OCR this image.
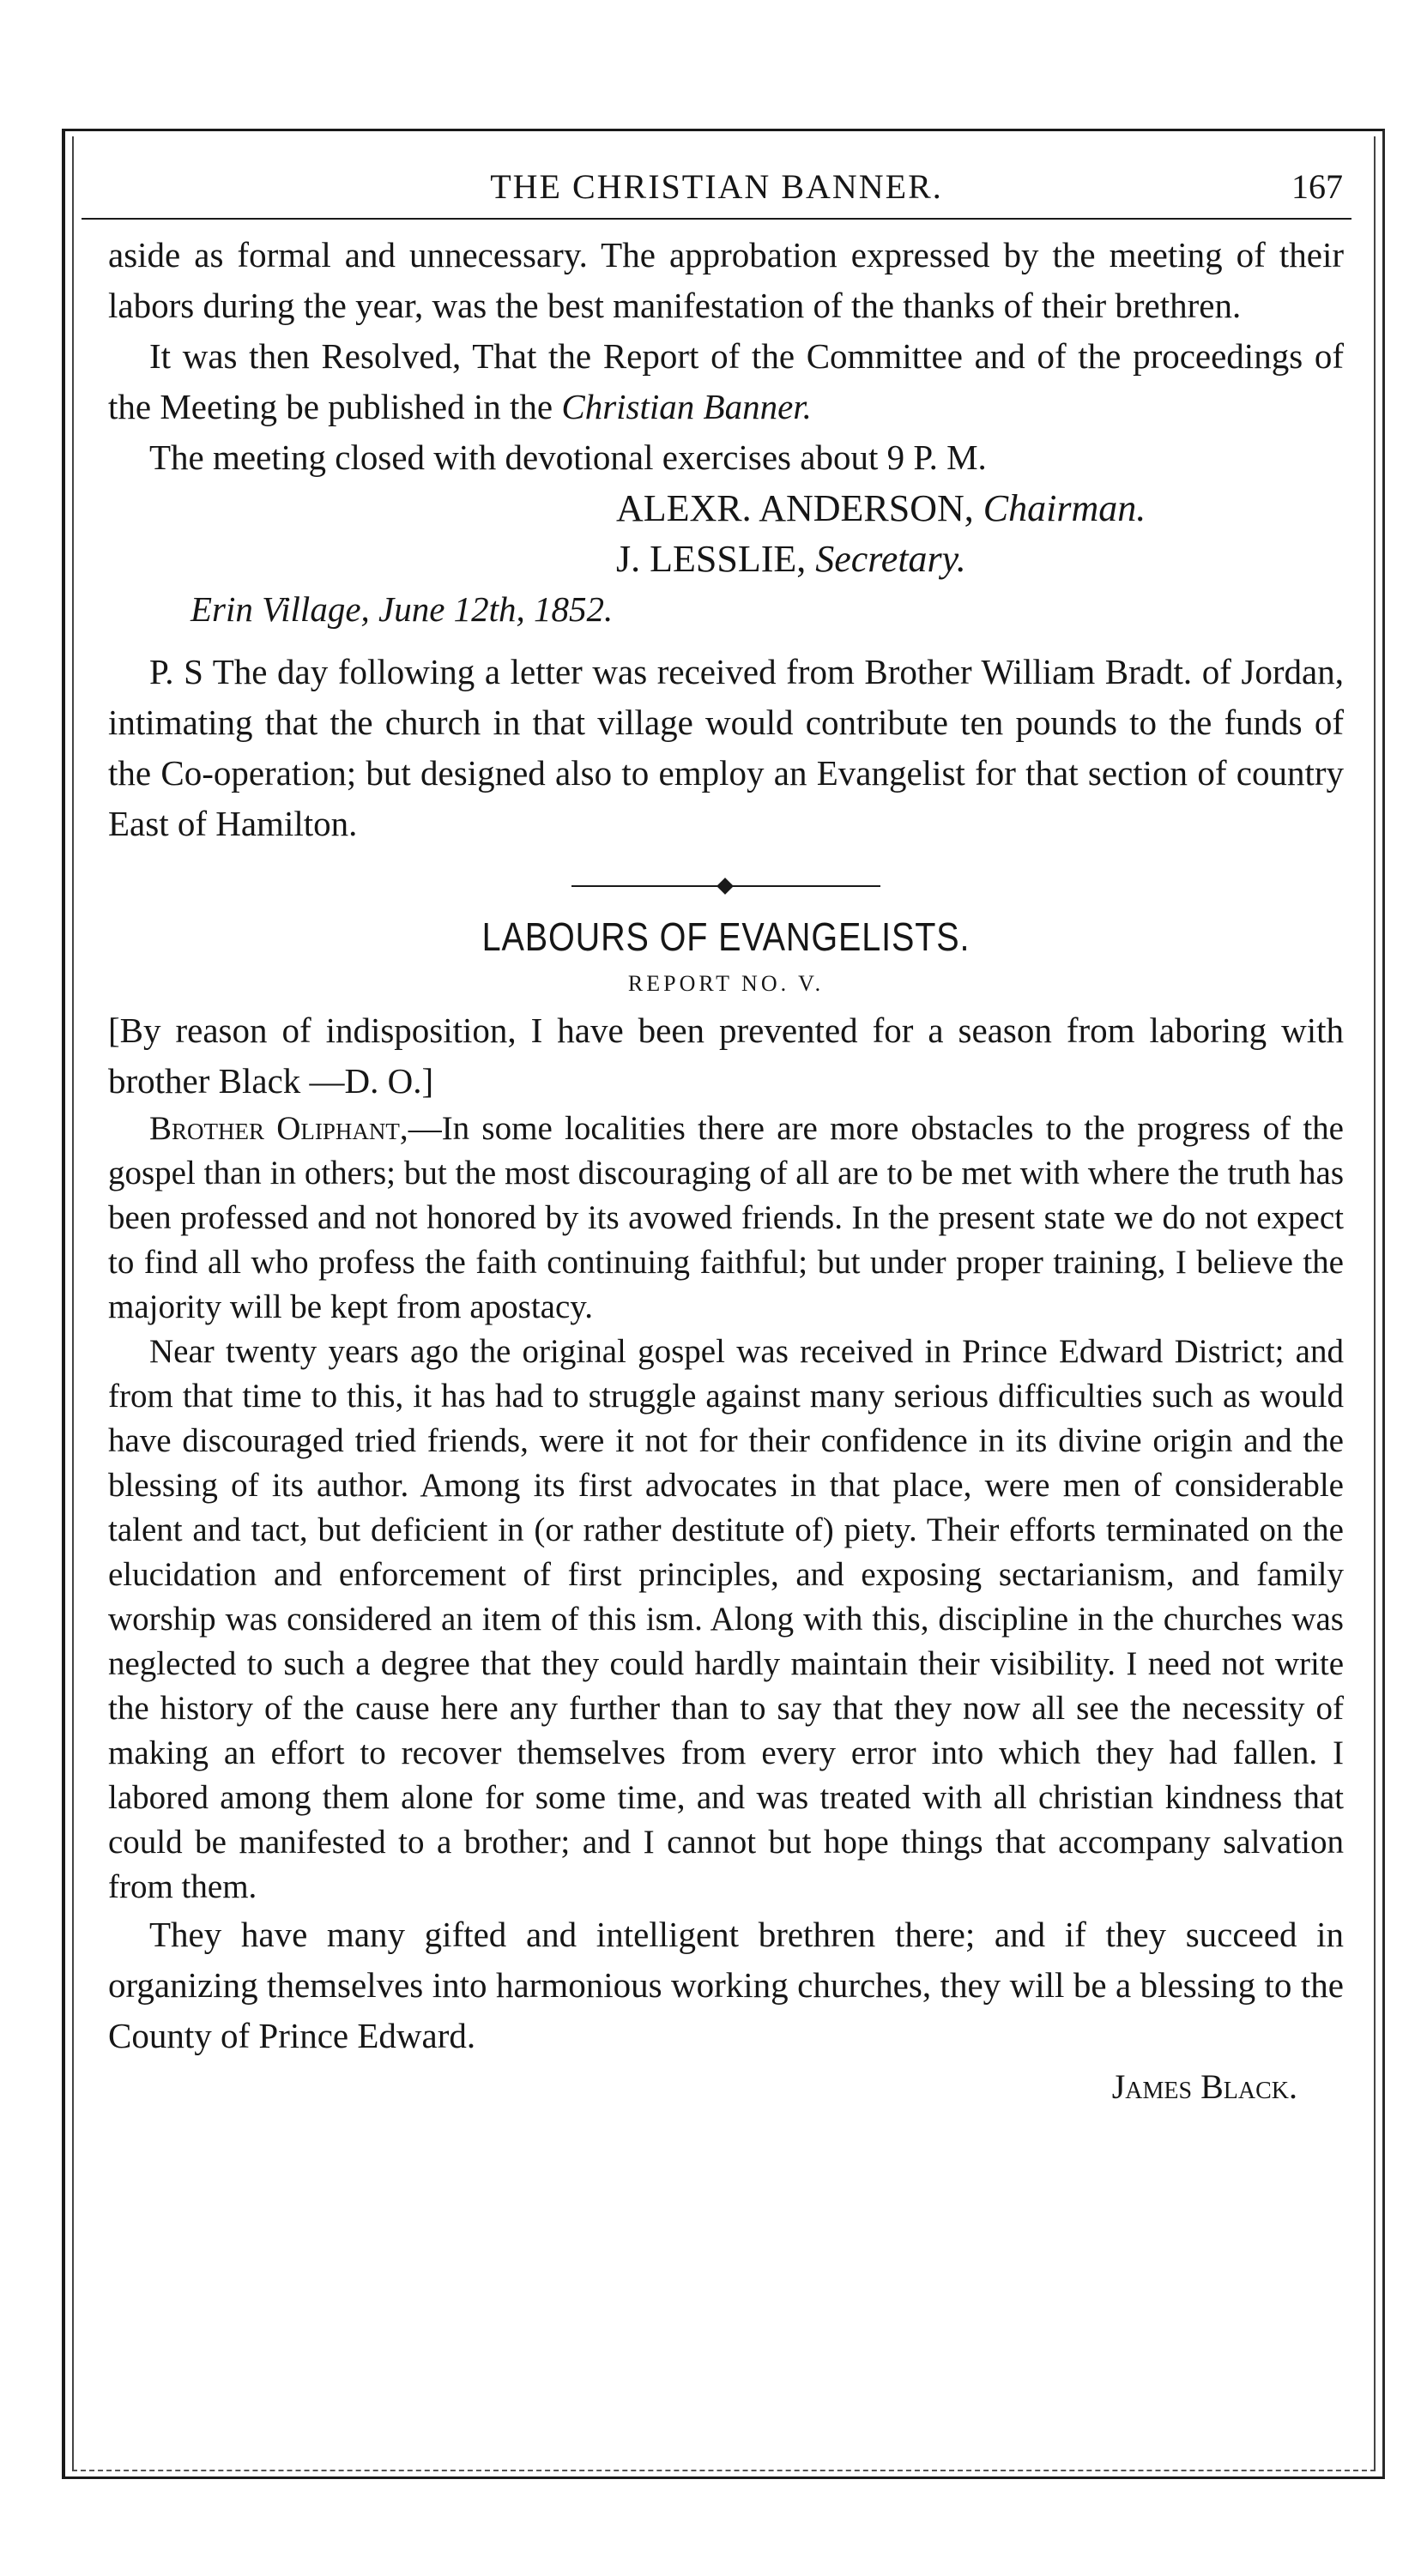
THE CHRISTIAN BANNER.	167

aside as formal and unnecessary. The approbation expressed by the meeting of their labors during the year, was the best manifestation of the thanks of their brethren.

It was then Resolved, That the Report of the Committee and of the proceedings of the Meeting be published in the Christian Banner.

The meeting closed with devotional exercises about 9 P. M.

ALEXR. ANDERSON, Chairman.

J. LESSLIE, Secretary.

Erin Village, June 12th, 1852.

P. S The day following a letter was received from Brother William Bradt. of Jordan, intimating that the church in that village would contribute ten pounds to the funds of the Co-operation; but designed also to employ an Evangelist for that section of country East of Hamilton.

LABOURS OF EVANGELISTS.
REPORT NO. V.

[By reason of indisposition, I have been prevented for a season from laboring with brother Black —D. O.]

Brother Oliphant,—In some localities there are more obstacles to the progress of the gospel than in others; but the most discouraging of all are to be met with where the truth has been professed and not honored by its avowed friends. In the present state we do not expect to find all who profess the faith continuing faithful; but under proper training, I believe the majority will be kept from apostacy.

Near twenty years ago the original gospel was received in Prince Edward District; and from that time to this, it has had to struggle against many serious difficulties such as would have discouraged tried friends, were it not for their confidence in its divine origin and the blessing of its author. Among its first advocates in that place, were men of considerable talent and tact, but deficient in (or rather destitute of) piety. Their efforts terminated on the elucidation and enforcement of first principles, and exposing sectarianism, and family worship was considered an item of this ism. Along with this, discipline in the churches was neglected to such a degree that they could hardly maintain their visibility. I need not write the history of the cause here any further than to say that they now all see the necessity of making an effort to recover themselves from every error into which they had fallen. I labored among them alone for some time, and was treated with all christian kindness that could be manifested to a brother; and I cannot but hope things that accompany salvation from them.

They have many gifted and intelligent brethren there; and if they succeed in organizing themselves into harmonious working churches, they will be a blessing to the County of Prince Edward.

James Black.
